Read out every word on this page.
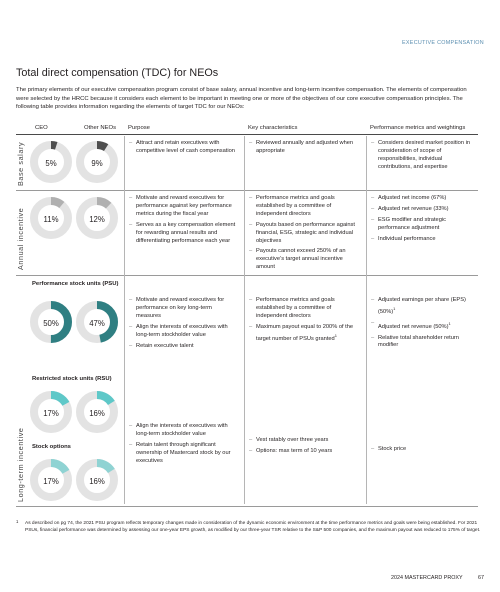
EXECUTIVE COMPENSATION
Total direct compensation (TDC) for NEOs
The primary elements of our executive compensation program consist of base salary, annual incentive and long-term incentive compensation. The elements of compensation were selected by the HRCC because it considers each element to be important in meeting one or more of the objectives of our core executive compensation principles. The following table provides information regarding the elements of target TDC for our NEOs:
CEO	Other NEOs Purpose	Key characteristics	Performance metrics and weightings
Base salary
Annual incentive
Long-term incentive
5%	9%
11%	12%
Performance stock units (PSU)
Restricted stock units (RSU)
Stock options
50%	47%
17%	16%
17%	16%
– Attract and retain executives with competitive level of cash compensation
– Reviewed annually and adjusted when appropriate
– Considers desired market position in consideration of scope of responsibilities, individual contributions, and expertise
– Motivate and reward executives for performance against key performance metrics during the fiscal year
– Serves as a key compensation element for rewarding annual results and differentiating performance each year
– Performance metrics and goals established by a committee of independent directors
– Payouts based on performance against financial, ESG, strategic and individual objectives
– Payouts cannot exceed 250% of an executive’s target annual incentive amount
– Adjusted net income (67%)
– Adjusted net revenue (33%)
– ESG modifier and strategic performance adjustment
– Individual performance
– Motivate and reward executives for performance on key long-term measures
– Align the interests of executives with long-term stockholder value
– Retain executive talent
– Performance metrics and goals established by a committee of independent directors
– Maximum payout equal to 200% of the target number of PSUs granted$^1$
– Adjusted earnings per share (EPS) $(50\%)^1$
– Adjusted net revenue $(50\%)^1$
– Relative total shareholder return modifier
– Align the interests of executives with long-term stockholder value
– Retain talent through significant ownership of Mastercard stock by our executives
– Vest ratably over three years
– Options: max term of 10 years
–	Stock price
1 As described on pg 74, the 2021 PSU program reflects temporary changes made in consideration of the dynamic economic environment at the time performance metrics and goals were being established. For 2021 PSUs, financial performance was determined by assessing our one-year EPS growth, as modified by our three-year TSR relative to the S&P 500 companies, and the maximum payout was reduced to 175% of target.
2024 MASTERCARD PROXY	67
